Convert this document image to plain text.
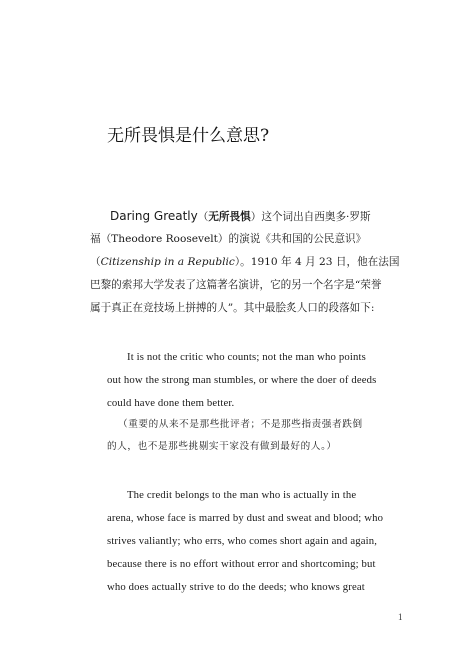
无所畏惧是什么意思?
Daring Greatly（无所畏惧）这个词出自西奥多·罗斯
福（Theodore Roosevelt）的演说《共和国的公民意识》
（Citizenship in a Republic）。1910 年 4 月 23 日，他在法国
巴黎的索邦大学发表了这篇著名演讲，它的另一个名字是“荣誉
属于真正在竞技场上拼搏的人”。其中最脍炙人口的段落如下:
It is not the critic who counts; not the man who points
out how the strong man stumbles, or where the doer of deeds
could have done them better.
（重要的从来不是那些批评者；不是那些指责强者跌倒
的人，也不是那些挑剔实干家没有做到最好的人。）
The credit belongs to the man who is actually in the
arena, whose face is marred by dust and sweat and blood; who
strives valiantly; who errs, who comes short again and again,
because there is no effort without error and shortcoming; but
who does actually strive to do the deeds; who knows great
1
